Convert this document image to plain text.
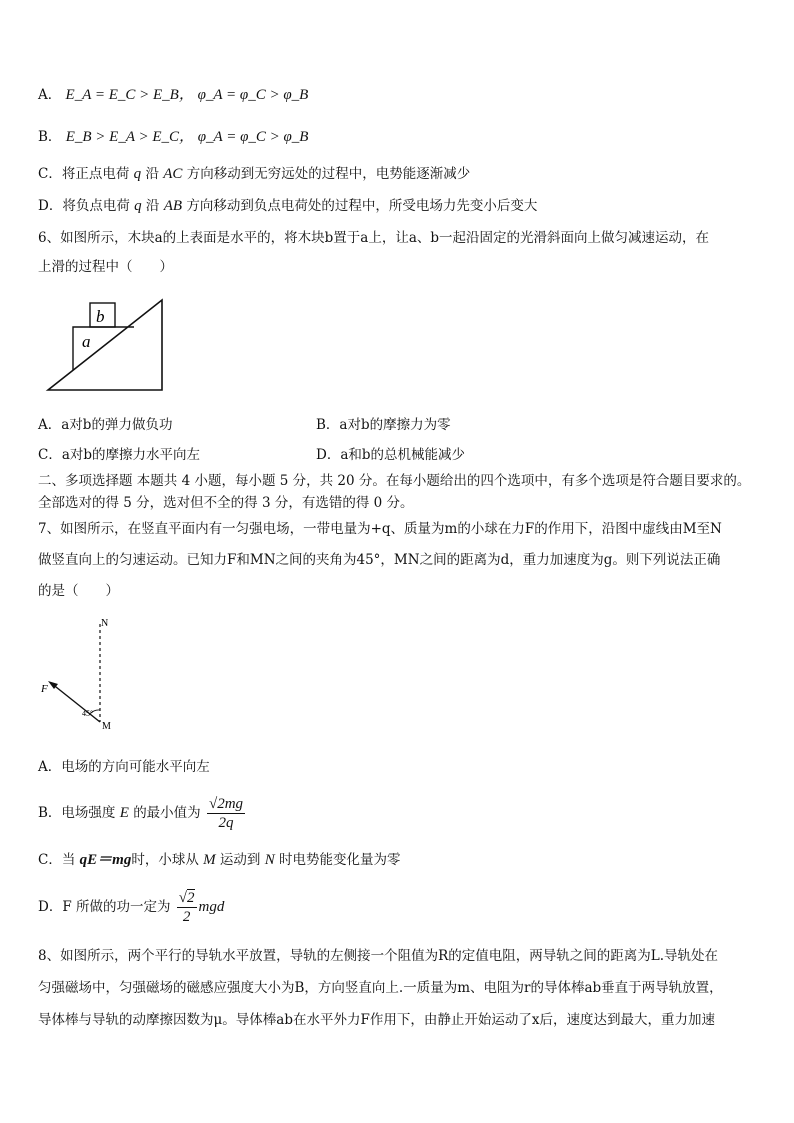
A． E_A = E_C > E_B， φ_A = φ_C > φ_B
B． E_B > E_A > E_C， φ_A = φ_C > φ_B
C．将正点电荷 q 沿 AC 方向移动到无穷远处的过程中，电势能逐渐减少
D．将负点电荷 q 沿 AB 方向移动到负点电荷处的过程中，所受电场力先变小后变大
6、如图所示，木块a的上表面是水平的，将木块b置于a上，让a、b一起沿固定的光滑斜面向上做匀减速运动，在
上滑的过程中（　　）
a
b
A．a对b的弹力做负功	B．a对b的摩擦力为零
C．a对b的摩擦力水平向左	D．a和b的总机械能减少
二、多项选择题 本题共 4 小题，每小题 5 分，共 20 分。在每小题给出的四个选项中，有多个选项是符合题目要求的。
全部选对的得 5 分，选对但不全的得 3 分，有选错的得 0 分。
7、如图所示，在竖直平面内有一匀强电场，一带电量为+q、质量为m的小球在力F的作用下，沿图中虚线由M至N
做竖直向上的匀速运动。已知力F和MN之间的夹角为45°，MN之间的距离为d，重力加速度为g。则下列说法正确
的是（　　）
N
M
F
45°
A．电场的方向可能水平向左
B．电场强度 E 的最小值为 $\frac{√2mg}{2q}$
C．当 qE＝mg时，小球从 M 运动到 N 时电势能变化量为零
D．F 所做的功一定为 $\frac{√2}{2}$ mgd
8、如图所示，两个平行的导轨水平放置，导轨的左侧接一个阻值为R的定值电阻，两导轨之间的距离为L.导轨处在
匀强磁场中，匀强磁场的磁感应强度大小为B，方向竖直向上.一质量为m、电阻为r的导体棒ab垂直于两导轨放置，
导体棒与导轨的动摩擦因数为μ。导体棒ab在水平外力F作用下，由静止开始运动了x后，速度达到最大，重力加速
